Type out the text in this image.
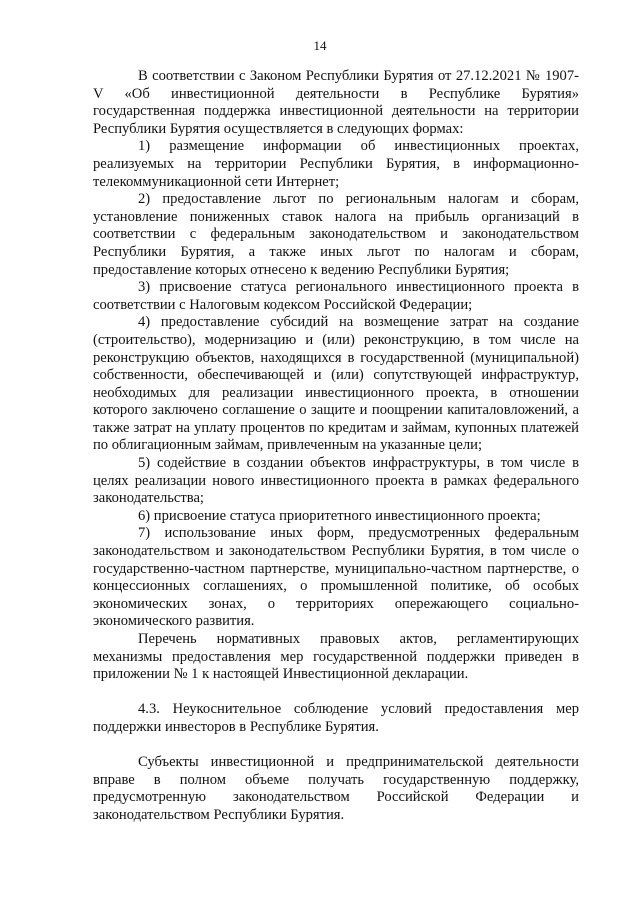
14

В соответствии с Законом Республики Бурятия от 27.12.2021 № 1907-V «Об инвестиционной деятельности в Республике Бурятия» государственная поддержка инвестиционной деятельности на территории Республики Бурятия осуществляется в следующих формах:

1) размещение информации об инвестиционных проектах, реализуемых на территории Республики Бурятия, в информационно-телекоммуникационной сети Интернет;

2) предоставление льгот по региональным налогам и сборам, установление пониженных ставок налога на прибыль организаций в соответствии с федеральным законодательством и законодательством Республики Бурятия, а также иных льгот по налогам и сборам, предоставление которых отнесено к ведению Республики Бурятия;

3) присвоение статуса регионального инвестиционного проекта в соответствии с Налоговым кодексом Российской Федерации;

4) предоставление субсидий на возмещение затрат на создание (строительство), модернизацию и (или) реконструкцию, в том числе на реконструкцию объектов, находящихся в государственной (муниципальной) собственности, обеспечивающей и (или) сопутствующей инфраструктур, необходимых для реализации инвестиционного проекта, в отношении которого заключено соглашение о защите и поощрении капиталовложений, а также затрат на уплату процентов по кредитам и займам, купонных платежей по облигационным займам, привлеченным на указанные цели;

5) содействие в создании объектов инфраструктуры, в том числе в целях реализации нового инвестиционного проекта в рамках федерального законодательства;

6) присвоение статуса приоритетного инвестиционного проекта;

7) использование иных форм, предусмотренных федеральным законодательством и законодательством Республики Бурятия, в том числе о государственно-частном партнерстве, муниципально-частном партнерстве, о концессионных соглашениях, о промышленной политике, об особых экономических зонах, о территориях опережающего социально-экономического развития.

Перечень нормативных правовых актов, регламентирующих механизмы предоставления мер государственной поддержки приведен в приложении № 1 к настоящей Инвестиционной декларации.

4.3. Неукоснительное соблюдение условий предоставления мер поддержки инвесторов в Республике Бурятия.

Субъекты инвестиционной и предпринимательской деятельности вправе в полном объеме получать государственную поддержку, предусмотренную законодательством Российской Федерации и законодательством Республики Бурятия.
